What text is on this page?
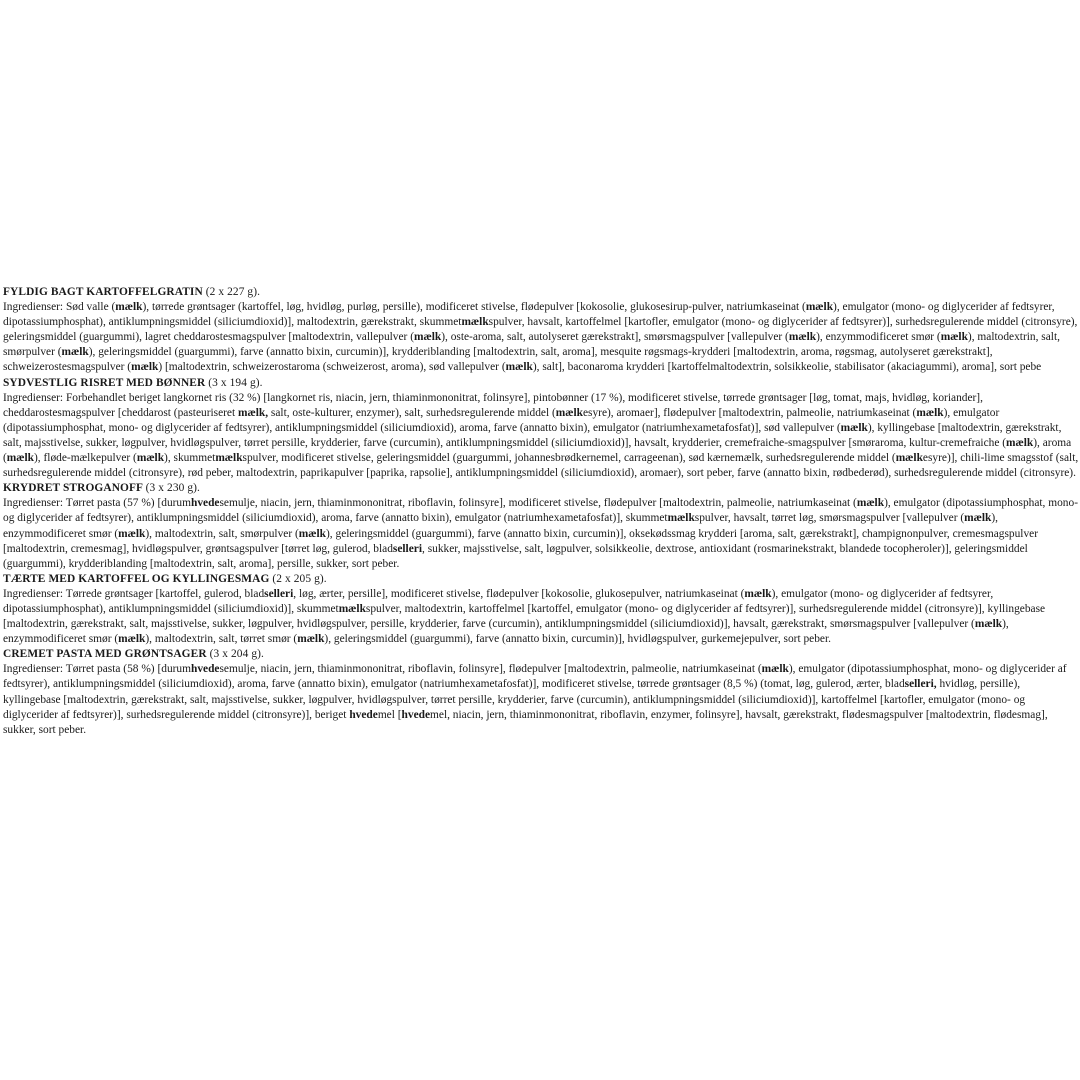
FYLDIG BAGT KARTOFFELGRATIN (2 x 227 g).

Ingredienser: Sød valle (mælk), tørrede grøntsager (kartoffel, løg, hvidløg, purløg, persille), modificeret stivelse, flødepulver [kokosolie, glukosesirup-pulver, natriumkaseinat (mælk), emulgator (mono- og diglycerider af fedtsyrer, dipotassiumphosphat), antiklumpningsmiddel (siliciumdioxid)], maltodextrin, gærekstrakt, skummetmælkspulver, havsalt, kartoffelmel [kartofler, emulgator (mono- og diglycerider af fedtsyrer)], surhedsregulerende middel (citronsyre), geleringsmiddel (guargummi), lagret cheddarostesmagspulver [maltodextrin, vallepulver (mælk), oste-aroma, salt, autolyseret gærekstrakt], smørsmagspulver [vallepulver (mælk), enzymmodificeret smør (mælk), maltodextrin, salt, smørpulver (mælk), geleringsmiddel (guargummi), farve (annatto bixin, curcumin)], krydderiblanding [maltodextrin, salt, aroma], mesquite røgsmags-krydderi [maltodextrin, aroma, røgsmag, autolyseret gærekstrakt], schweizerostesmagspulver (mælk) [maltodextrin, schweizerostaroma (schweizerost, aroma), sød vallepulver (mælk), salt], baconaroma krydderi [kartoffelmaltodextrin, solsikkeolie, stabilisator (akaciagummi), aroma], sort pebe

SYDVESTLIG RISRET MED BØNNER (3 x 194 g).

Ingredienser: Forbehandlet beriget langkornet ris (32 %) [langkornet ris, niacin, jern, thiaminmononitrat, folinsyre], pintobønner (17 %), modificeret stivelse, tørrede grøntsager [løg, tomat, majs, hvidløg, koriander], cheddarostesmagspulver [cheddarost (pasteuriseret mælk, salt, oste-kulturer, enzymer), salt, surhedsregulerende middel (mælkesyre), aromaer], flødepulver [maltodextrin, palmeolie, natriumkaseinat (mælk), emulgator (dipotassiumphosphat, mono- og diglycerider af fedtsyrer), antiklumpningsmiddel (siliciumdioxid), aroma, farve (annatto bixin), emulgator (natriumhexametafosfat)], sød vallepulver (mælk), kyllingebase [maltodextrin, gærekstrakt, salt, majsstivelse, sukker, løgpulver, hvidløgspulver, tørret persille, krydderier, farve (curcumin), antiklumpningsmiddel (siliciumdioxid)], havsalt, krydderier, cremefraiche-smagspulver [smøraroma, kultur-cremefraiche (mælk), aroma (mælk), fløde-mælkepulver (mælk), skummetmælkspulver, modificeret stivelse, geleringsmiddel (guargummi, johannesbrødkernemel, carrageenan), sød kærnemælk, surhedsregulerende middel (mælkesyre)], chili-lime smagsstof (salt, surhedsregulerende middel (citronsyre), rød peber, maltodextrin, paprikapulver [paprika, rapsolie], antiklumpningsmiddel (siliciumdioxid), aromaer), sort peber, farve (annatto bixin, rødbederød), surhedsregulerende middel (citronsyre).

KRYDRET STROGANOFF (3 x 230 g).

Ingredienser: Tørret pasta (57 %) [durumhvedesemulje, niacin, jern, thiaminmononitrat, riboflavin, folinsyre], modificeret stivelse, flødepulver [maltodextrin, palmeolie, natriumkaseinat (mælk), emulgator (dipotassiumphosphat, mono- og diglycerider af fedtsyrer), antiklumpningsmiddel (siliciumdioxid), aroma, farve (annatto bixin), emulgator (natriumhexametafosfat)], skummetmælkspulver, havsalt, tørret løg, smørsmagspulver [vallepulver (mælk), enzymmodificeret smør (mælk), maltodextrin, salt, smørpulver (mælk), geleringsmiddel (guargummi), farve (annatto bixin, curcumin)], oksekødssmag krydderi [aroma, salt, gærekstrakt], champignonpulver, cremesmagspulver [maltodextrin, cremesmag], hvidløgspulver, grøntsagspulver [tørret løg, gulerod, bladselleri, sukker, majsstivelse, salt, løgpulver, solsikkeolie, dextrose, antioxidant (rosmarinekstrakt, blandede tocopheroler)], geleringsmiddel (guargummi), krydderiblanding [maltodextrin, salt, aroma], persille, sukker, sort peber.

TÆRTE MED KARTOFFEL OG KYLLINGESMAG (2 x 205 g).

Ingredienser: Tørrede grøntsager [kartoffel, gulerod, bladselleri, løg, ærter, persille], modificeret stivelse, flødepulver [kokosolie, glukosepulver, natriumkaseinat (mælk), emulgator (mono- og diglycerider af fedtsyrer, dipotassiumphosphat), antiklumpningsmiddel (siliciumdioxid)], skummetmælkspulver, maltodextrin, kartoffelmel [kartoffel, emulgator (mono- og diglycerider af fedtsyrer)], surhedsregulerende middel (citronsyre)], kyllingebase [maltodextrin, gærekstrakt, salt, majsstivelse, sukker, løgpulver, hvidløgspulver, persille, krydderier, farve (curcumin), antiklumpningsmiddel (siliciumdioxid)], havsalt, gærekstrakt, smørsmagspulver [vallepulver (mælk), enzymmodificeret smør (mælk), maltodextrin, salt, tørret smør (mælk), geleringsmiddel (guargummi), farve (annatto bixin, curcumin)], hvidløgspulver, gurkemejepulver, sort peber.

CREMET PASTA MED GRØNTSAGER (3 x 204 g).

Ingredienser: Tørret pasta (58 %) [durumhvedesemulje, niacin, jern, thiaminmononitrat, riboflavin, folinsyre], flødepulver [maltodextrin, palmeolie, natriumkaseinat (mælk), emulgator (dipotassiumphosphat, mono- og diglycerider af fedtsyrer), antiklumpningsmiddel (siliciumdioxid), aroma, farve (annatto bixin), emulgator (natriumhexametafosfat)], modificeret stivelse, tørrede grøntsager (8,5 %) (tomat, løg, gulerod, ærter, bladselleri, hvidløg, persille), kyllingebase [maltodextrin, gærekstrakt, salt, majsstivelse, sukker, løgpulver, hvidløgspulver, tørret persille, krydderier, farve (curcumin), antiklumpningsmiddel (siliciumdioxid)], kartoffelmel [kartofler, emulgator (mono- og diglycerider af fedtsyrer)], surhedsregulerende middel (citronsyre)], beriget hvedemel [hvedemel, niacin, jern, thiaminmononitrat, riboflavin, enzymer, folinsyre], havsalt, gærekstrakt, flødesmagspulver [maltodextrin, flødesmag], sukker, sort peber.
